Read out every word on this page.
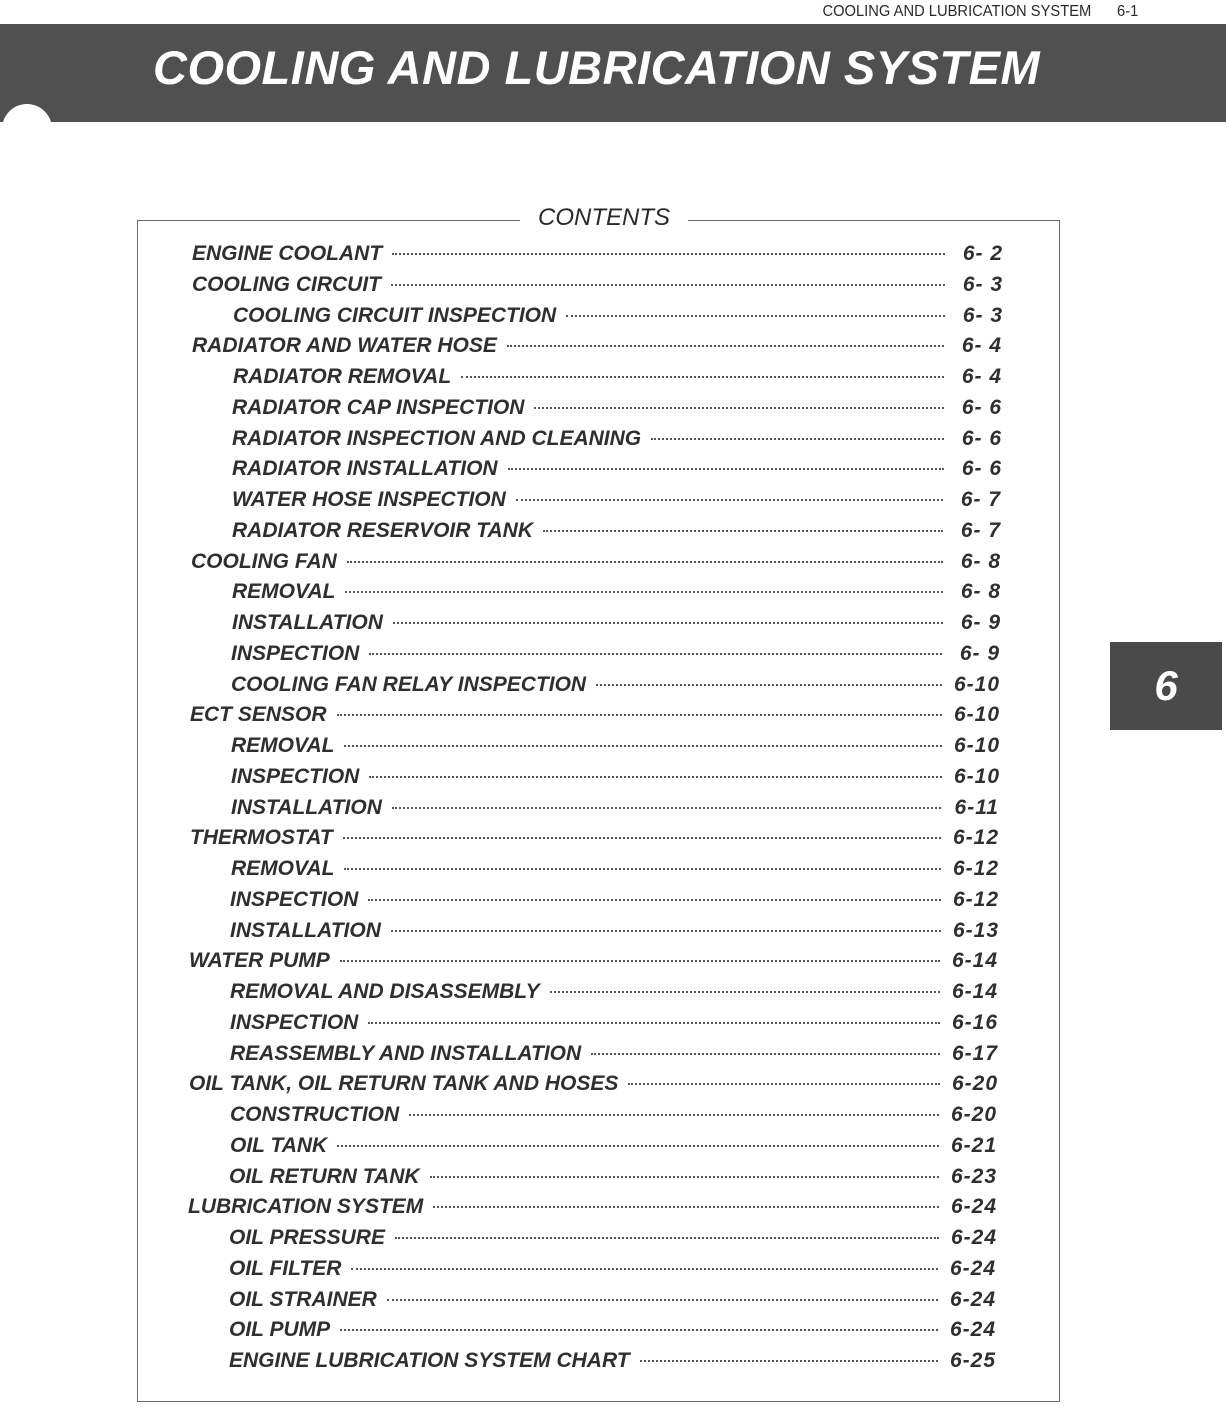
COOLING AND LUBRICATION SYSTEM 6-1
COOLING AND LUBRICATION SYSTEM
CONTENTS
ENGINE COOLANT	6- 2
COOLING CIRCUIT	6- 3
COOLING CIRCUIT INSPECTION	6- 3
RADIATOR AND WATER HOSE	6- 4
RADIATOR REMOVAL	6- 4
RADIATOR CAP INSPECTION	6- 6
RADIATOR INSPECTION AND CLEANING	6- 6
RADIATOR INSTALLATION	6- 6
WATER HOSE INSPECTION	6- 7
RADIATOR RESERVOIR TANK	6- 7
COOLING FAN	6- 8
REMOVAL	6- 8
INSTALLATION	6- 9
INSPECTION	6- 9
COOLING FAN RELAY INSPECTION	6-10
ECT SENSOR	6-10
REMOVAL	6-10
INSPECTION	6-10
INSTALLATION	6-11
THERMOSTAT	6-12
REMOVAL	6-12
INSPECTION	6-12
INSTALLATION	6-13
WATER PUMP	6-14
REMOVAL AND DISASSEMBLY	6-14
INSPECTION	6-16
REASSEMBLY AND INSTALLATION	6-17
OIL TANK, OIL RETURN TANK AND HOSES	6-20
CONSTRUCTION	6-20
OIL TANK	6-21
OIL RETURN TANK	6-23
LUBRICATION SYSTEM	6-24
OIL PRESSURE	6-24
OIL FILTER	6-24
OIL STRAINER	6-24
OIL PUMP	6-24
ENGINE LUBRICATION SYSTEM CHART	6-25
6
